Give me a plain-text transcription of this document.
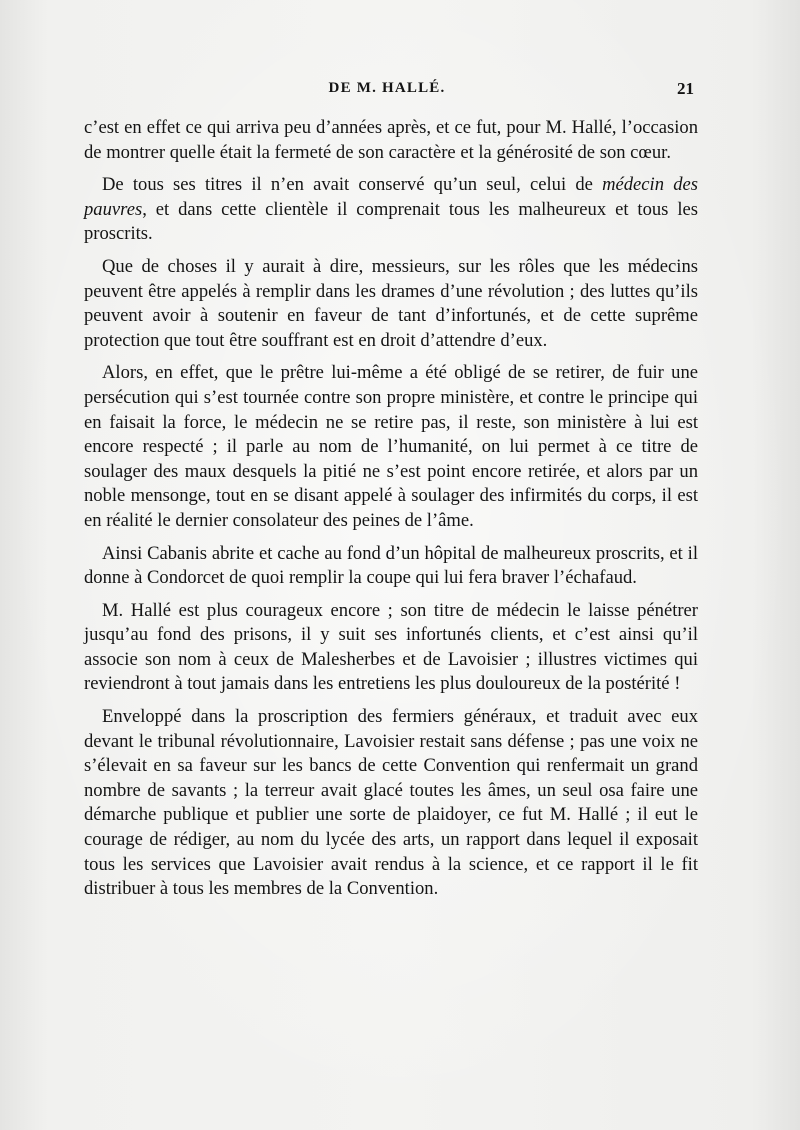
DE M. HALLÉ.	21

c’est en effet ce qui arriva peu d’années après, et ce fut, pour M. Hallé, l’occasion de montrer quelle était la fermeté de son caractère et la générosité de son cœur.

De tous ses titres il n’en avait conservé qu’un seul, celui de médecin des pauvres, et dans cette clientèle il comprenait tous les malheureux et tous les proscrits.

Que de choses il y aurait à dire, messieurs, sur les rôles que les médecins peuvent être appelés à remplir dans les drames d’une révolution ; des luttes qu’ils peuvent avoir à soutenir en faveur de tant d’infortunés, et de cette suprême protection que tout être souffrant est en droit d’attendre d’eux.

Alors, en effet, que le prêtre lui-même a été obligé de se retirer, de fuir une persécution qui s’est tournée contre son propre ministère, et contre le principe qui en faisait la force, le médecin ne se retire pas, il reste, son ministère à lui est encore respecté ; il parle au nom de l’humanité, on lui permet à ce titre de soulager des maux desquels la pitié ne s’est point encore retirée, et alors par un noble mensonge, tout en se disant appelé à soulager des infirmités du corps, il est en réalité le dernier consolateur des peines de l’âme.

Ainsi Cabanis abrite et cache au fond d’un hôpital de malheureux proscrits, et il donne à Condorcet de quoi remplir la coupe qui lui fera braver l’échafaud.

M. Hallé est plus courageux encore ; son titre de médecin le laisse pénétrer jusqu’au fond des prisons, il y suit ses infortunés clients, et c’est ainsi qu’il associe son nom à ceux de Malesherbes et de Lavoisier ; illustres victimes qui reviendront à tout jamais dans les entretiens les plus douloureux de la postérité !

Enveloppé dans la proscription des fermiers généraux, et traduit avec eux devant le tribunal révolutionnaire, Lavoisier restait sans défense ; pas une voix ne s’élevait en sa faveur sur les bancs de cette Convention qui renfermait un grand nombre de savants ; la terreur avait glacé toutes les âmes, un seul osa faire une démarche publique et publier une sorte de plaidoyer, ce fut M. Hallé ; il eut le courage de rédiger, au nom du lycée des arts, un rapport dans lequel il exposait tous les services que Lavoisier avait rendus à la science, et ce rapport il le fit distribuer à tous les membres de la Convention.
